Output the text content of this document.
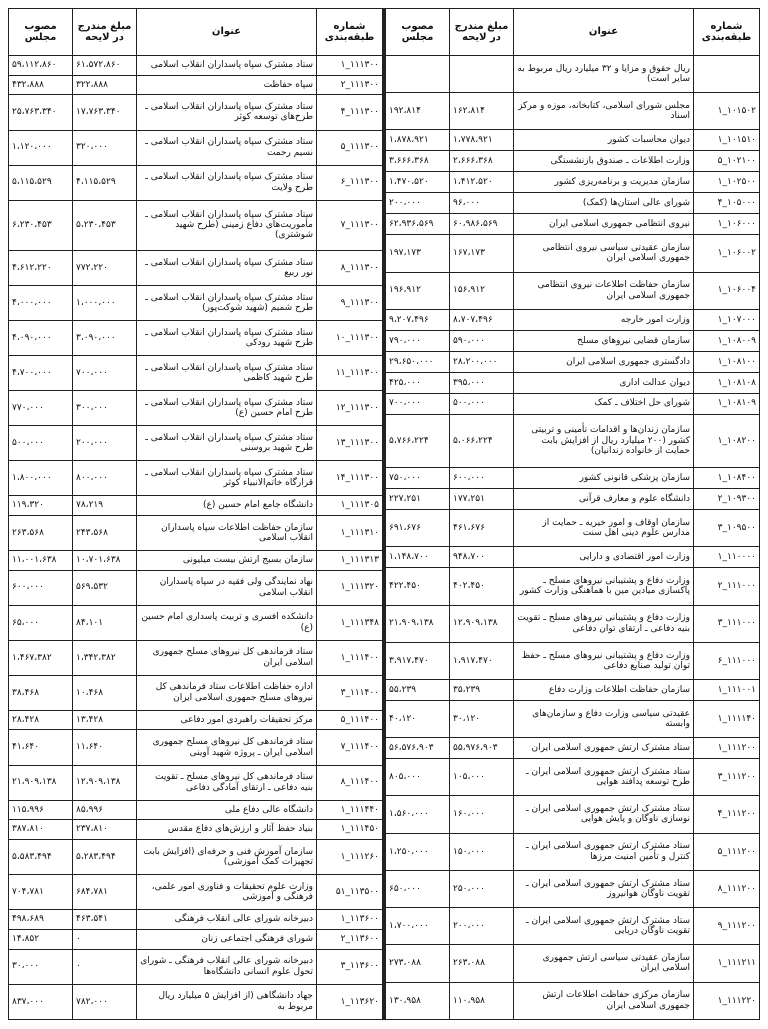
شماره طبقه‌بندی	عنوان	مبلغ مندرج در لایحه	مصوب مجلس
	ریال حقوق و مزایا و ۳۲ میلیارد ریال مربوط به سایر است)		
۱۰۱۵۰۲_۱	مجلس شورای اسلامی، کتابخانه، موزه و مرکز اسناد	۱۶۲،۸۱۴	۱۹۲،۸۱۴
۱۰۱۵۱۰_۱	دیوان محاسبات کشور	۱،۷۷۸،۹۲۱	۱،۸۷۸،۹۲۱
۱۰۲۱۰۰_۵	وزارت اطلاعات ـ صندوق بازنشستگی	۲،۶۶۶،۳۶۸	۳،۶۶۶،۳۶۸
۱۰۲۵۰۰_۱	سازمان مدیریت و برنامه‌ریزی کشور	۱،۴۱۲،۵۲۰	۱،۴۷۰،۵۲۰
۱۰۵۰۰۰_۴	شورای عالی استان‌ها (کمک)	۹۶،۰۰۰	۲۰۰،۰۰۰
۱۰۶۰۰۰_۱	نیروی انتظامی جمهوری اسلامی ایران	۶۰،۹۸۶،۵۶۹	۶۲،۹۳۶،۵۶۹
۱۰۶۰۰۲_۱	سازمان عقیدتی سیاسی نیروی انتظامی جمهوری اسلامی ایران	۱۶۷،۱۷۳	۱۹۷،۱۷۳
۱۰۶۰۰۴_۱	سازمان حفاظت اطلاعات نیروی انتظامی جمهوری اسلامی ایران	۱۵۶،۹۱۲	۱۹۶،۹۱۲
۱۰۷۰۰۰_۱	وزارت امور خارجه	۸،۷۰۷،۴۹۶	۹،۲۰۷،۴۹۶
۱۰۸۰۰۹_۱	سازمان قضایی نیروهای مسلح	۵۹۰،۰۰۰	۷۹۰،۰۰۰
۱۰۸۱۰۰_۱	دادگستری جمهوری اسلامی ایران	۲۸،۲۰۰،۰۰۰	۲۹،۶۵۰،۰۰۰
۱۰۸۱۰۸_۱	دیوان عدالت اداری	۳۹۵،۰۰۰	۴۲۵،۰۰۰
۱۰۸۱۰۹_۱	شورای حل اختلاف ـ کمک	۵۰۰،۰۰۰	۷۰۰،۰۰۰
۱۰۸۲۰۰_۱	سازمان زندان‌ها و اقدامات تأمینی و تربیتی کشور (۲۰۰ میلیارد ریال از افزایش بابت حمایت از خانواده زندانیان)	۵،۰۶۶،۲۲۴	۵،۷۶۶،۲۲۴
۱۰۸۴۰۰_۱	سازمان پزشکی قانونی کشور	۶۰۰،۰۰۰	۷۵۰،۰۰۰
۱۰۹۳۰۰_۲	دانشگاه علوم و معارف قرآنی	۱۷۷،۲۵۱	۲۲۷،۲۵۱
۱۰۹۵۰۰_۳	سازمان اوقاف و امور خیریه ـ حمایت از مدارس علوم دینی اهل سنت	۴۶۱،۶۷۶	۶۹۱،۶۷۶
۱۱۰۰۰۰_۱	وزارت امور اقتصادی و دارایی	۹۴۸،۷۰۰	۱،۱۴۸،۷۰۰
۱۱۱۰۰۰_۲	وزارت دفاع و پشتیبانی نیروهای مسلح ـ پاکسازی میادین مین با هماهنگی وزارت کشور	۴۰۲،۴۵۰	۴۲۲،۴۵۰
۱۱۱۰۰۰_۳	وزارت دفاع و پشتیبانی نیروهای مسلح ـ تقویت بنیه دفاعی ـ ارتقای توان دفاعی	۱۲،۹۰۹،۱۳۸	۲۱،۹۰۹،۱۳۸
۱۱۱۰۰۰_۶	وزارت دفاع و پشتیبانی نیروهای مسلح ـ حفظ توان تولید صنایع دفاعی	۱،۹۱۷،۴۷۰	۳،۹۱۷،۴۷۰
۱۱۱۰۰۱_۱	سازمان حفاظت اطلاعات وزارت دفاع	۳۵،۲۳۹	۵۵،۲۳۹
۱۱۱۱۴۰_۱	عقیدتی سیاسی وزارت دفاع و سازمان‌های وابسته	۳۰،۱۲۰	۴۰،۱۲۰
۱۱۱۲۰۰_۱	ستاد مشترک ارتش جمهوری اسلامی ایران	۵۵،۹۷۶،۹۰۳	۵۶،۵۷۶،۹۰۳
۱۱۱۲۰۰_۳	ستاد مشترک ارتش جمهوری اسلامی ایران ـ طرح توسعه پدافند هوایی	۱۰۵،۰۰۰	۸۰۵،۰۰۰
۱۱۱۲۰۰_۴	ستاد مشترک ارتش جمهوری اسلامی ایران ـ نوسازی ناوگان و پایش هوایی	۱۶۰،۰۰۰	۱،۵۶۰،۰۰۰
۱۱۱۲۰۰_۵	ستاد مشترک ارتش جمهوری اسلامی ایران ـ کنترل و تأمین امنیت مرزها	۱۵۰،۰۰۰	۱،۲۵۰،۰۰۰
۱۱۱۲۰۰_۸	ستاد مشترک ارتش جمهوری اسلامی ایران ـ تقویت ناوگان هوانیروز	۲۵۰،۰۰۰	۶۵۰،۰۰۰
۱۱۱۲۰۰_۹	ستاد مشترک ارتش جمهوری اسلامی ایران ـ تقویت ناوگان دریایی	۲۰۰،۰۰۰	۱،۷۰۰،۰۰۰
۱۱۱۲۱۱_۱	سازمان عقیدتی سیاسی ارتش جمهوری اسلامی ایران	۲۶۳،۰۸۸	۲۷۳،۰۸۸
۱۱۱۲۲۰_۱	سازمان مرکزی حفاظت اطلاعات ارتش جمهوری اسلامی ایران	۱۱۰،۹۵۸	۱۳۰،۹۵۸
شماره طبقه‌بندی	عنوان	مبلغ مندرج در لایحه	مصوب مجلس
۱۱۱۳۰۰_۱	ستاد مشترک سپاه پاسداران انقلاب اسلامی	۶۱،۵۷۲،۸۶۰	۵۹،۱۱۲،۸۶۰
۱۱۱۳۰۰_۲	سپاه حفاظت	۳۲۲،۸۸۸	۴۳۲،۸۸۸
۱۱۱۳۰۰_۴	ستاد مشترک سپاه پاسداران انقلاب اسلامی ـ طرح‌های توسعه کوثر	۱۷،۷۶۳،۳۴۰	۲۵،۷۶۳،۳۴۰
۱۱۱۳۰۰_۵	ستاد مشترک سپاه پاسداران انقلاب اسلامی ـ نسیم رحمت	۳۲۰،۰۰۰	۱،۱۲۰،۰۰۰
۱۱۱۳۰۰_۶	ستاد مشترک سپاه پاسداران انقلاب اسلامی ـ طرح ولایت	۴،۱۱۵،۵۲۹	۵،۱۱۵،۵۲۹
۱۱۱۳۰۰_۷	ستاد مشترک سپاه پاسداران انقلاب اسلامی ـ مأموریت‌های دفاع زمینی (طرح شهید شوشتری)	۵،۲۳۰،۴۵۳	۶،۲۳۰،۴۵۳
۱۱۱۳۰۰_۸	ستاد مشترک سپاه پاسداران انقلاب اسلامی ـ نور ربیع	۷۷۲،۲۲۰	۴،۶۱۲،۲۲۰
۱۱۱۳۰۰_۹	ستاد مشترک سپاه پاسداران انقلاب اسلامی ـ طرح شمیم (شهید شوکت‌پور)	۱،۰۰۰،۰۰۰	۴،۰۰۰،۰۰۰
۱۱۱۳۰۰_۱۰	ستاد مشترک سپاه پاسداران انقلاب اسلامی ـ طرح شهید رودکی	۳،۰۹۰،۰۰۰	۴،۰۹۰،۰۰۰
۱۱۱۳۰۰_۱۱	ستاد مشترک سپاه پاسداران انقلاب اسلامی ـ طرح شهید کاظمی	۷۰۰،۰۰۰	۴،۷۰۰،۰۰۰
۱۱۱۳۰۰_۱۲	ستاد مشترک سپاه پاسداران انقلاب اسلامی ـ طرح امام حسین (ع)	۳۰۰،۰۰۰	۷۷۰،۰۰۰
۱۱۱۳۰۰_۱۳	ستاد مشترک سپاه پاسداران انقلاب اسلامی ـ طرح شهید بروسنی	۲۰۰،۰۰۰	۵۰۰،۰۰۰
۱۱۱۳۰۰_۱۴	ستاد مشترک سپاه پاسداران انقلاب اسلامی ـ قرارگاه خاتم‌الانبیاء کوثر	۸۰۰،۰۰۰	۱،۸۰۰،۰۰۰
۱۱۱۳۰۵_۱	دانشگاه جامع امام حسین (ع)	۷۸،۲۱۹	۱۱۹،۳۲۰
۱۱۱۳۱۰_۱	سازمان حفاظت اطلاعات سپاه پاسداران انقلاب اسلامی	۲۴۳،۵۶۸	۲۶۳،۵۶۸
۱۱۱۳۱۳_۱	سازمان بسیج ارتش بیست میلیونی	۱۰،۷۰۱،۶۳۸	۱۱،۰۰۱،۶۳۸
۱۱۱۳۲۰_۱	نهاد نمایندگی ولی فقیه در سپاه پاسداران انقلاب اسلامی	۵۶۹،۵۳۲	۶۰۰،۰۰۰
۱۱۱۳۴۸_۱	دانشکده افسری و تربیت پاسداری امام حسین (ع)	۸۴،۱۰۱	۶۵،۰۰۰
۱۱۱۴۰۰_۱	ستاد فرماندهی کل نیروهای مسلح جمهوری اسلامی ایران	۱،۳۴۲،۳۸۲	۱،۴۶۷،۳۸۲
۱۱۱۴۰۰_۳	اداره حفاظت اطلاعات ستاد فرماندهی کل نیروهای مسلح جمهوری اسلامی ایران	۱۰،۴۶۸	۳۸،۴۶۸
۱۱۱۴۰۰_۵	مرکز تحقیقات راهبردی امور دفاعی	۱۳،۴۲۸	۲۸،۴۲۸
۱۱۱۴۰۰_۷	ستاد فرماندهی کل نیروهای مسلح جمهوری اسلامی ایران ـ پروژه شهید آوینی	۱۱،۶۴۰	۴۱،۶۴۰
۱۱۱۴۰۰_۸	ستاد فرماندهی کل نیروهای مسلح ـ تقویت بنیه دفاعی ـ ارتقای آمادگی دفاعی	۱۲،۹۰۹،۱۳۸	۲۱،۹۰۹،۱۳۸
۱۱۱۴۴۰_۱	دانشگاه عالی دفاع ملی	۸۵،۹۹۶	۱۱۵،۹۹۶
۱۱۱۴۵۰_۱	بنیاد حفظ آثار و ارزش‌های دفاع مقدس	۲۳۷،۸۱۰	۳۸۷،۸۱۰
۱۱۱۲۶۰_۱	سازمان آموزش فنی و حرفه‌ای (افزایش بابت تجهیزات کمک آموزشی)	۵،۲۸۳،۴۹۴	۵،۵۸۳،۴۹۴
۱۱۳۵۰۰_۵۱	وزارت علوم تحقیقات و فناوری امور علمی، فرهنگی و آموزشی	۶۸۴،۷۸۱	۷۰۴،۷۸۱
۱۱۳۶۰۰_۱	دبیرخانه شورای عالی انقلاب فرهنگی	۴۶۳،۵۴۱	۴۹۸،۶۸۹
۱۱۳۶۰۰_۲	شورای فرهنگی اجتماعی زنان	۰	۱۴،۸۵۲
۱۱۳۶۰۰_۳	دبیرخانه شورای عالی انقلاب فرهنگی ـ شورای تحول علوم انسانی دانشگاه‌ها	۰	۳۰،۰۰۰
۱۱۳۶۲۰_۱	جهاد دانشگاهی (از افزایش ۵ میلیارد ریال مربوط به	۷۸۲،۰۰۰	۸۳۷،۰۰۰
